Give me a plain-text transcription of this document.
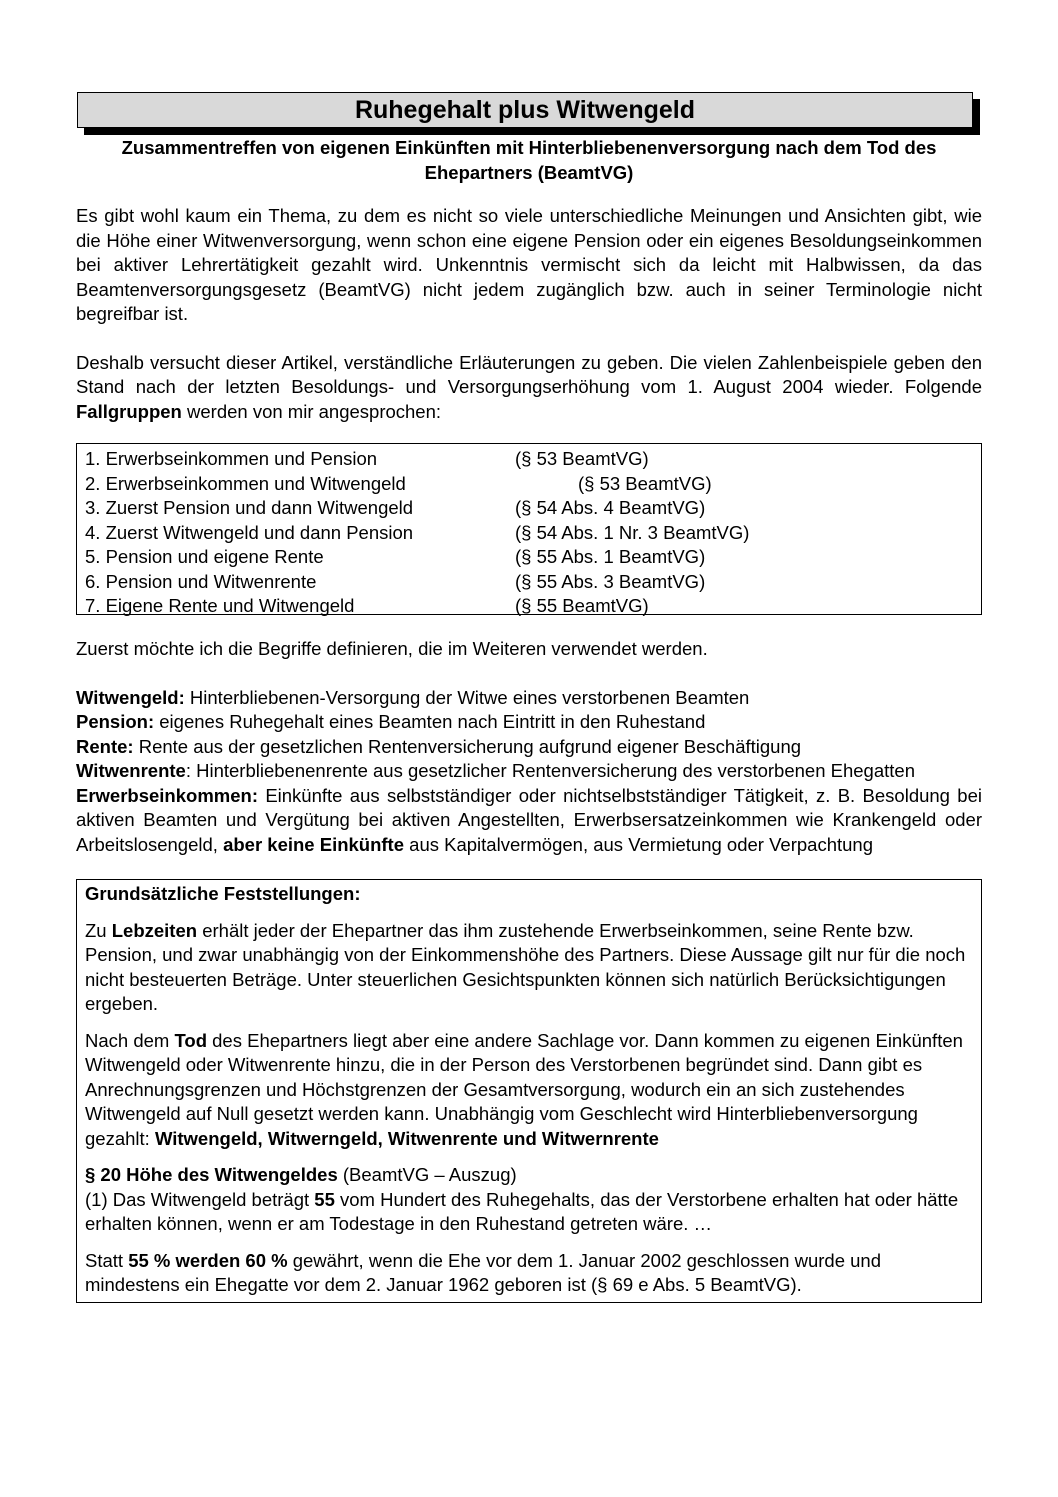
Ruhegehalt plus Witwengeld
Zusammentreffen von eigenen Einkünften mit Hinterbliebenenversorgung nach dem Tod des Ehepartners (BeamtVG)

Es gibt wohl kaum ein Thema, zu dem es nicht so viele unterschiedliche Meinungen und Ansichten gibt, wie die Höhe einer Witwenversorgung, wenn schon eine eigene Pension oder ein eigenes Besoldungseinkommen bei aktiver Lehrertätigkeit gezahlt wird. Unkenntnis vermischt sich da leicht mit Halbwissen, da das Beamtenversorgungsgesetz (BeamtVG) nicht jedem zugänglich bzw. auch in seiner Terminologie nicht begreifbar ist.

Deshalb versucht dieser Artikel, verständliche Erläuterungen zu geben. Die vielen Zahlenbeispiele geben den Stand nach der letzten Besoldungs- und Versorgungserhöhung vom 1. August 2004 wieder. Folgende Fallgruppen werden von mir angesprochen:

1. Erwerbseinkommen und Pension	(§ 53 BeamtVG)
2. Erwerbseinkommen und Witwengeld	(§ 53 BeamtVG)
3. Zuerst Pension und dann Witwengeld	(§ 54 Abs. 4 BeamtVG)
4. Zuerst Witwengeld und dann Pension	(§ 54 Abs. 1 Nr. 3 BeamtVG)
5. Pension und eigene Rente	(§ 55 Abs. 1 BeamtVG)
6. Pension und Witwenrente	(§ 55 Abs. 3 BeamtVG)
7. Eigene Rente und Witwengeld	(§ 55 BeamtVG)

Zuerst möchte ich die Begriffe definieren, die im Weiteren verwendet werden.

Witwengeld: Hinterbliebenen-Versorgung der Witwe eines verstorbenen Beamten

Pension: eigenes Ruhegehalt eines Beamten nach Eintritt in den Ruhestand

Rente: Rente aus der gesetzlichen Rentenversicherung aufgrund eigener Beschäftigung

Witwenrente: Hinterbliebenenrente aus gesetzlicher Rentenversicherung des verstorbenen Ehegatten

Erwerbseinkommen: Einkünfte aus selbstständiger oder nichtselbstständiger Tätigkeit, z. B. Besoldung bei aktiven Beamten und Vergütung bei aktiven Angestellten, Erwerbsersatzeinkommen wie Krankengeld oder Arbeitslosengeld, aber keine Einkünfte aus Kapitalvermögen, aus Vermietung oder Verpachtung

Grundsätzliche Feststellungen:

Zu Lebzeiten erhält jeder der Ehepartner das ihm zustehende Erwerbseinkommen, seine Rente bzw. Pension, und zwar unabhängig von der Einkommenshöhe des Partners. Diese Aussage gilt nur für die noch nicht besteuerten Beträge. Unter steuerlichen Gesichtspunkten können sich natürlich Berücksichtigungen ergeben.

Nach dem Tod des Ehepartners liegt aber eine andere Sachlage vor. Dann kommen zu eigenen Einkünften Witwengeld oder Witwenrente hinzu, die in der Person des Verstorbenen begründet sind. Dann gibt es Anrechnungsgrenzen und Höchstgrenzen der Gesamtversorgung, wodurch ein an sich zustehendes Witwengeld auf Null gesetzt werden kann. Unabhängig vom Geschlecht wird Hinterbliebenversorgung gezahlt: Witwengeld, Witwerngeld, Witwenrente und Witwernrente

§ 20 Höhe des Witwengeldes (BeamtVG – Auszug)
(1) Das Witwengeld beträgt 55 vom Hundert des Ruhegehalts, das der Verstorbene erhalten hat oder hätte erhalten können, wenn er am Todestage in den Ruhestand getreten wäre. …

Statt 55 % werden 60 % gewährt, wenn die Ehe vor dem 1. Januar 2002 geschlossen wurde und mindestens ein Ehegatte vor dem 2. Januar 1962 geboren ist (§ 69 e Abs. 5 BeamtVG).
